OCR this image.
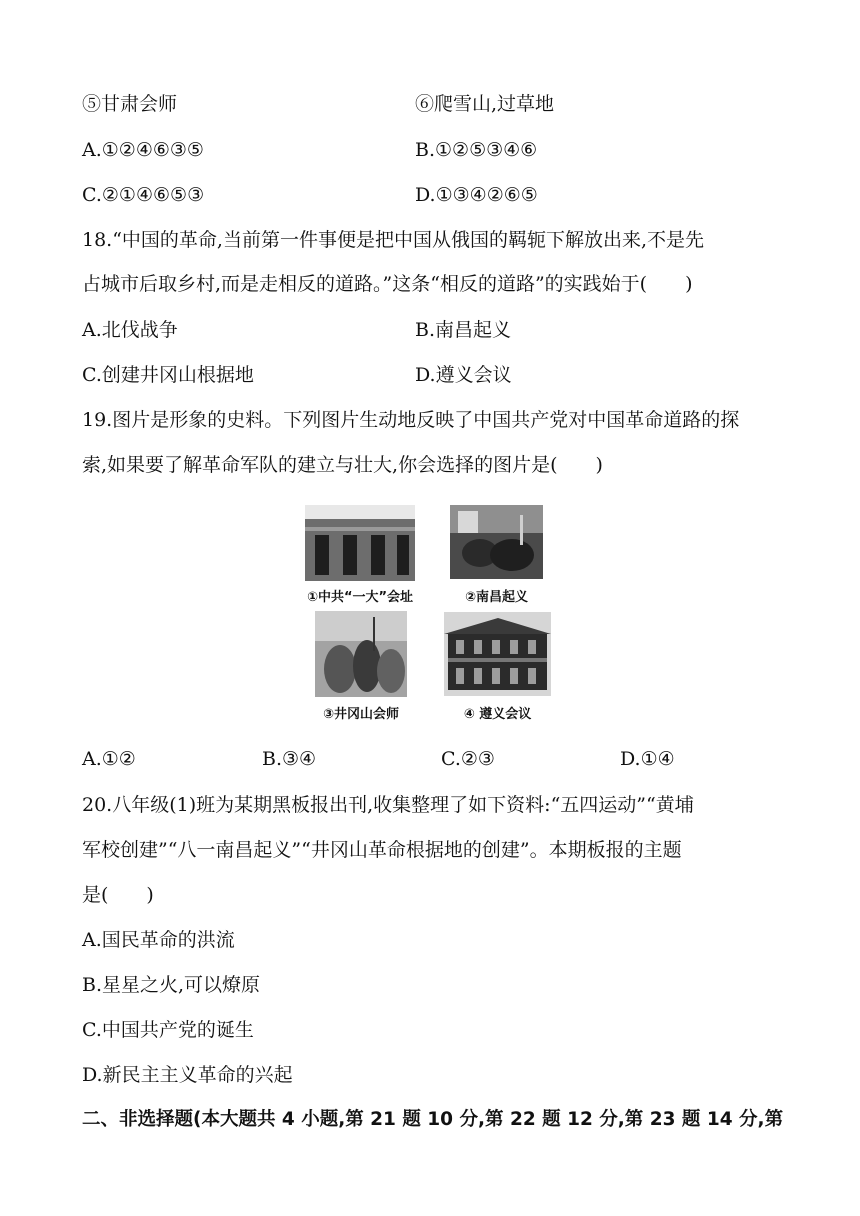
⑤甘肃会师	⑥爬雪山,过草地
A.①②④⑥③⑤	B.①②⑤③④⑥
C.②①④⑥⑤③	D.①③④②⑥⑤
18.“中国的革命,当前第一件事便是把中国从俄国的羁轭下解放出来,不是先
占城市后取乡村,而是走相反的道路。”这条“相反的道路”的实践始于(　　)
A.北伐战争	B.南昌起义
C.创建井冈山根据地	D.遵义会议
19.图片是形象的史料。下列图片生动地反映了中国共产党对中国革命道路的探
索,如果要了解革命军队的建立与壮大,你会选择的图片是(　　)
①中共“一大”会址	②南昌起义
③井冈山会师	④ 遵义会议
A.①②	B.③④	C.②③	D.①④
20.八年级(1)班为某期黑板报出刊,收集整理了如下资料:“五四运动”“黄埔
军校创建”“八一南昌起义”“井冈山革命根据地的创建”。本期板报的主题
是(　　)
A.国民革命的洪流
B.星星之火,可以燎原
C.中国共产党的诞生
D.新民主主义革命的兴起
二、非选择题(本大题共 4 小题,第 21 题 10 分,第 22 题 12 分,第 23 题 14 分,第
